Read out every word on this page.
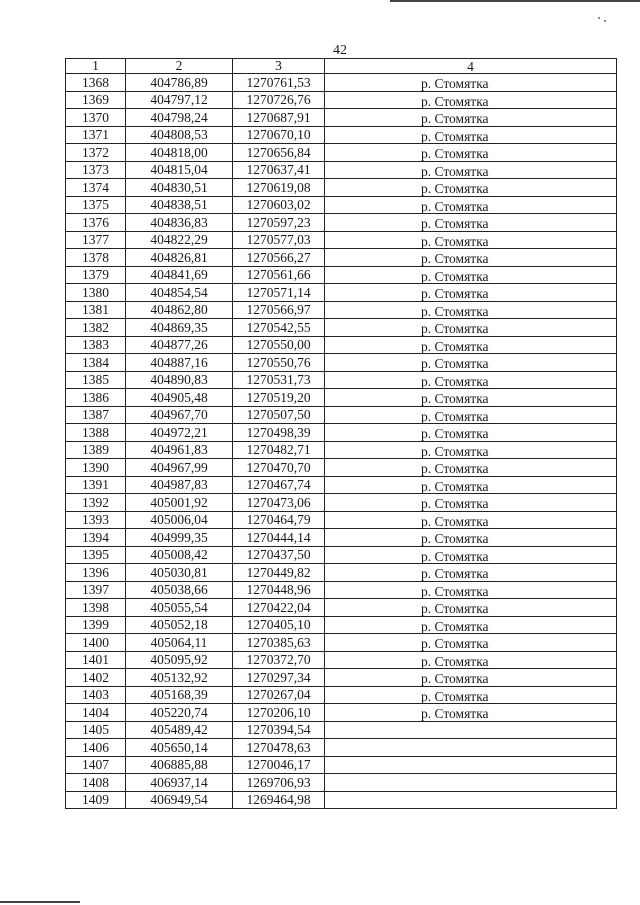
42
1	2	3	4
1368	404786,89	1270761,53	р. Стомятка
1369	404797,12	1270726,76	р. Стомятка
1370	404798,24	1270687,91	р. Стомятка
1371	404808,53	1270670,10	р. Стомятка
1372	404818,00	1270656,84	р. Стомятка
1373	404815,04	1270637,41	р. Стомятка
1374	404830,51	1270619,08	р. Стомятка
1375	404838,51	1270603,02	р. Стомятка
1376	404836,83	1270597,23	р. Стомятка
1377	404822,29	1270577,03	р. Стомятка
1378	404826,81	1270566,27	р. Стомятка
1379	404841,69	1270561,66	р. Стомятка
1380	404854,54	1270571,14	р. Стомятка
1381	404862,80	1270566,97	р. Стомятка
1382	404869,35	1270542,55	р. Стомятка
1383	404877,26	1270550,00	р. Стомятка
1384	404887,16	1270550,76	р. Стомятка
1385	404890,83	1270531,73	р. Стомятка
1386	404905,48	1270519,20	р. Стомятка
1387	404967,70	1270507,50	р. Стомятка
1388	404972,21	1270498,39	р. Стомятка
1389	404961,83	1270482,71	р. Стомятка
1390	404967,99	1270470,70	р. Стомятка
1391	404987,83	1270467,74	р. Стомятка
1392	405001,92	1270473,06	р. Стомятка
1393	405006,04	1270464,79	р. Стомятка
1394	404999,35	1270444,14	р. Стомятка
1395	405008,42	1270437,50	р. Стомятка
1396	405030,81	1270449,82	р. Стомятка
1397	405038,66	1270448,96	р. Стомятка
1398	405055,54	1270422,04	р. Стомятка
1399	405052,18	1270405,10	р. Стомятка
1400	405064,11	1270385,63	р. Стомятка
1401	405095,92	1270372,70	р. Стомятка
1402	405132,92	1270297,34	р. Стомятка
1403	405168,39	1270267,04	р. Стомятка
1404	405220,74	1270206,10	р. Стомятка
1405	405489,42	1270394,54	
1406	405650,14	1270478,63	
1407	406885,88	1270046,17	
1408	406937,14	1269706,93	
1409	406949,54	1269464,98	
